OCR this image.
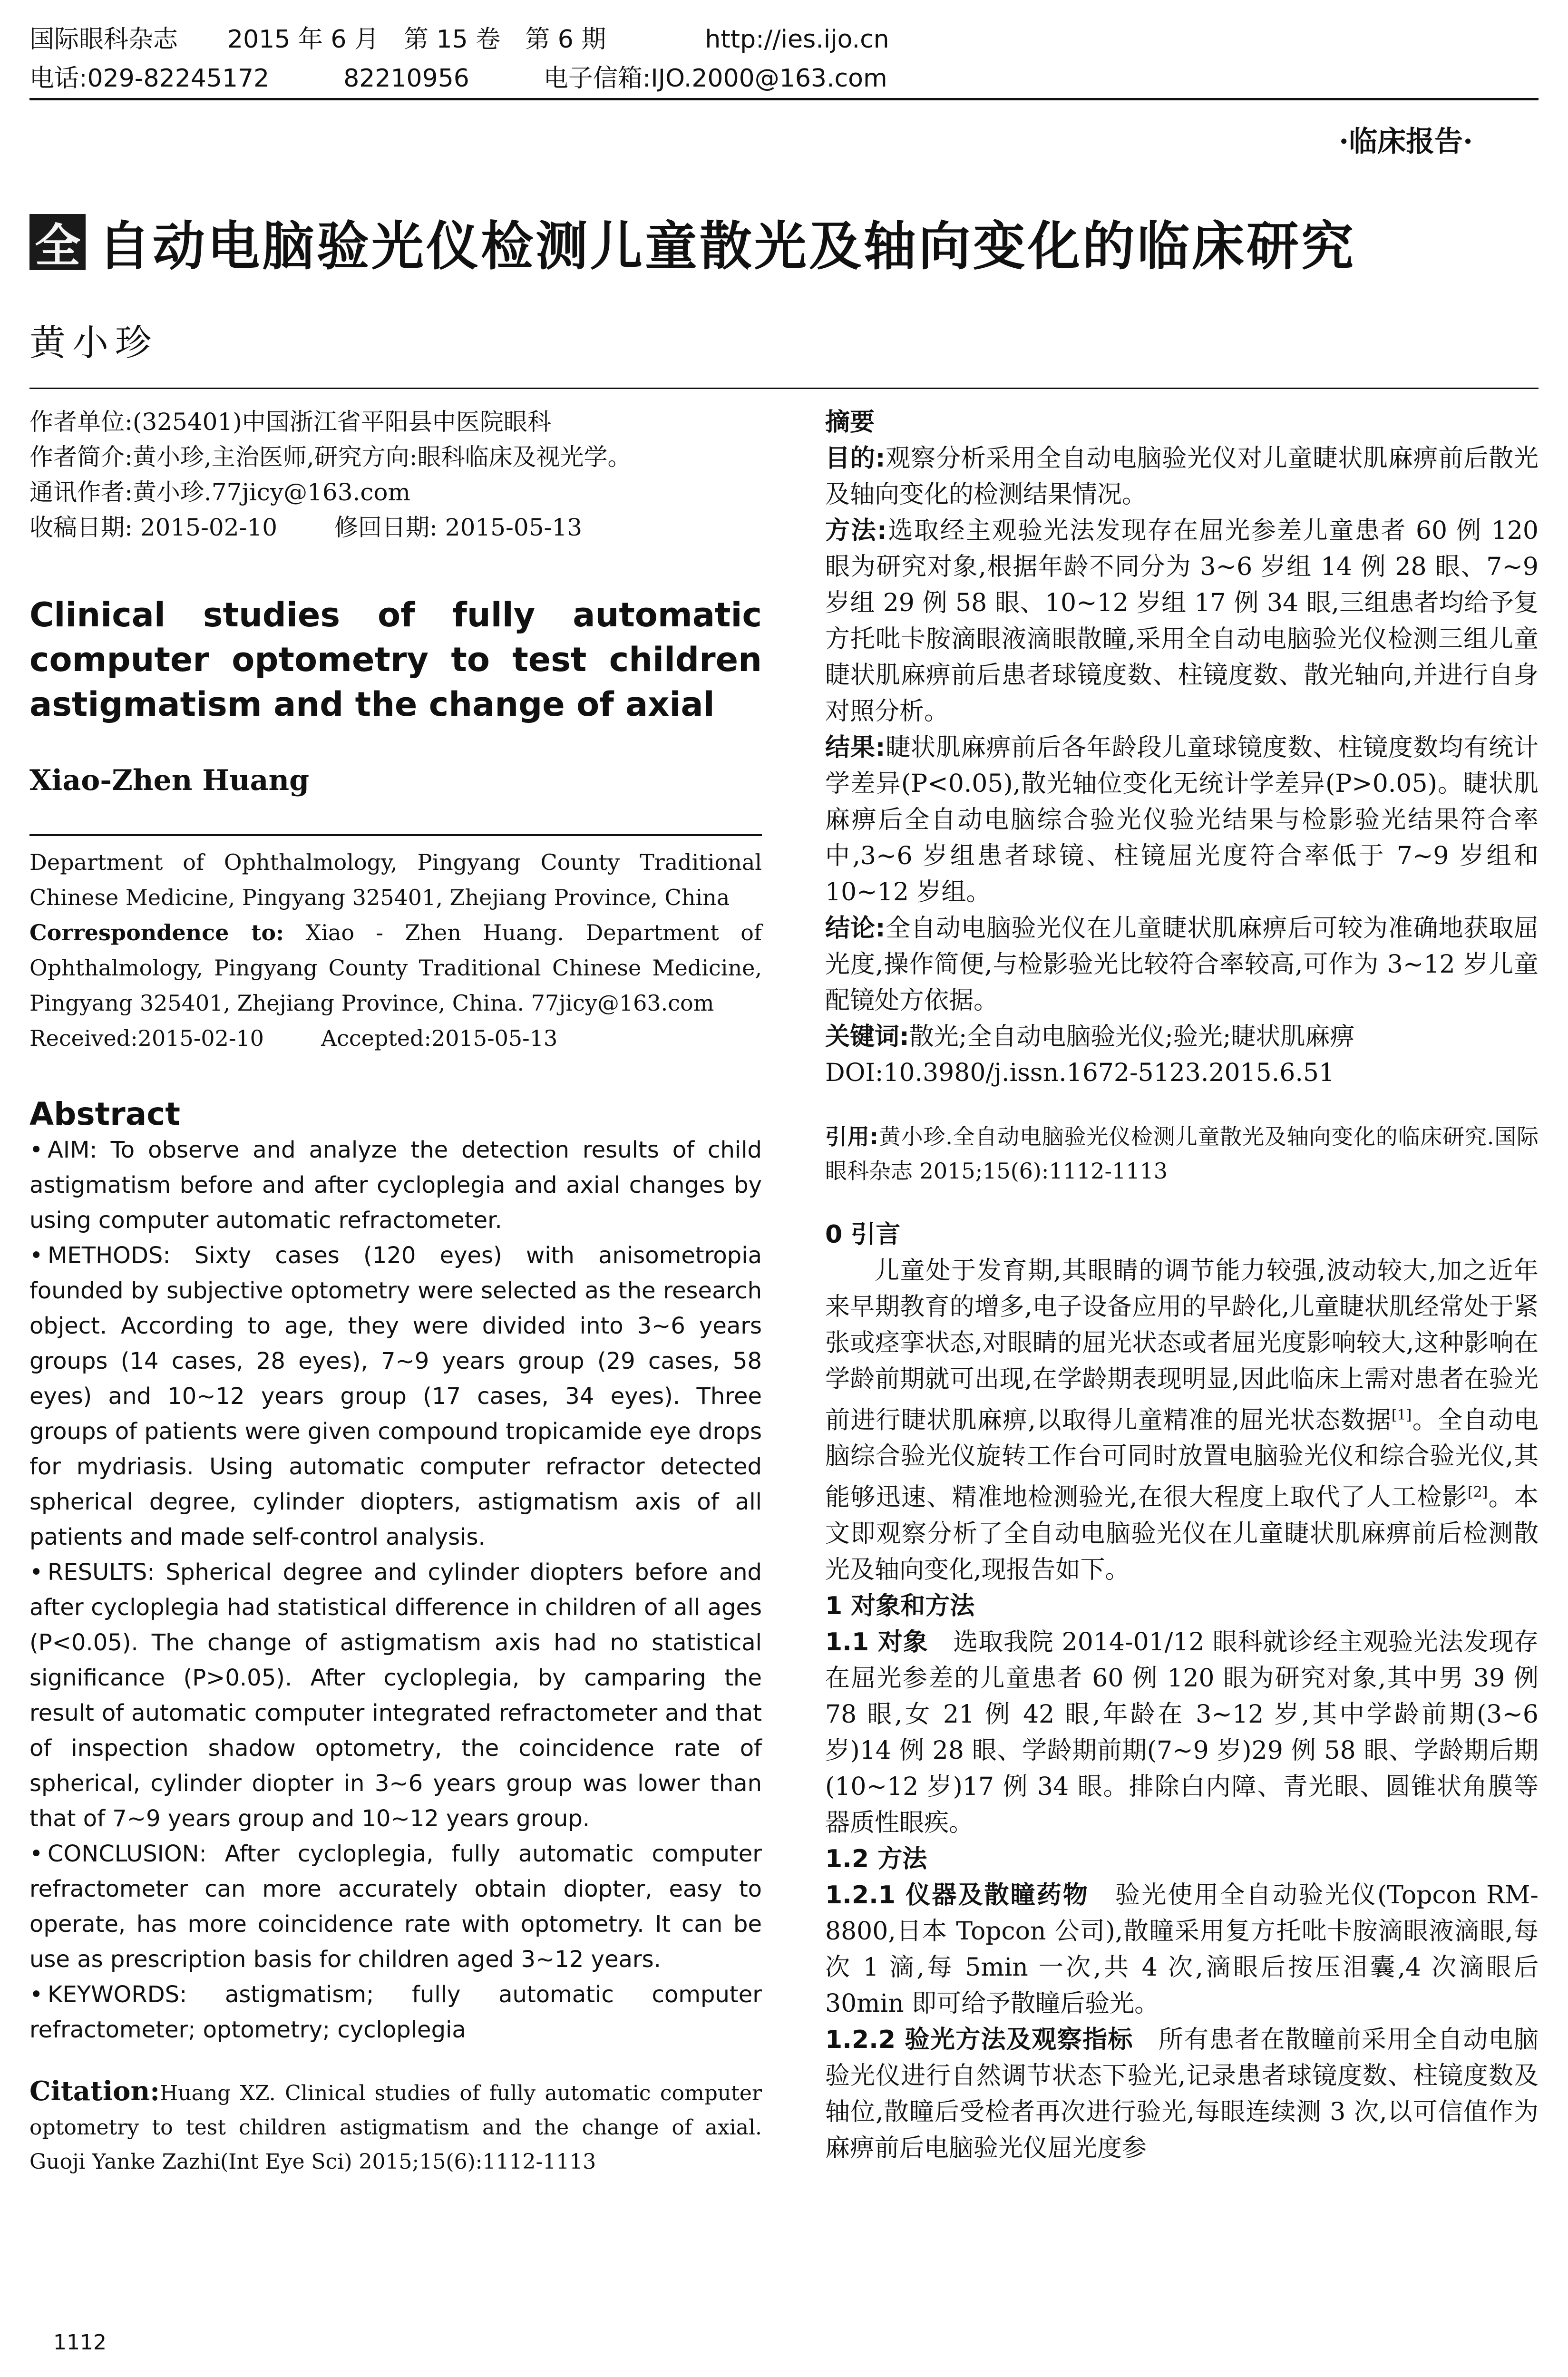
国际眼科杂志　　2015 年 6 月　第 15 卷　第 6 期　　　　http://ies.ijo.cn
电话:029-82245172　　　82210956　　　电子信箱:IJO.2000@163.com
·临床报告·
全 自动电脑验光仪检测儿童散光及轴向变化的临床研究
黄小珍
作者单位:(325401)中国浙江省平阳县中医院眼科
作者简介:黄小珍,主治医师,研究方向:眼科临床及视光学。
通讯作者:黄小珍.77jicy@163.com
收稿日期: 2015-02-10 修回日期: 2015-05-13
Clinical studies of fully automatic computer optometry to test children astigmatism and the change of axial
Xiao-Zhen Huang
Department of Ophthalmology, Pingyang County Traditional Chinese Medicine, Pingyang 325401, Zhejiang Province, China
Correspondence to: Xiao - Zhen Huang. Department of Ophthalmology, Pingyang County Traditional Chinese Medicine, Pingyang 325401, Zhejiang Province, China. 77jicy@163.com
Received:2015-02-10	Accepted:2015-05-13
Abstract

• AIM: To observe and analyze the detection results of child astigmatism before and after cycloplegia and axial changes by using computer automatic refractometer.

• METHODS: Sixty cases (120 eyes) with anisometropia founded by subjective optometry were selected as the research object. According to age, they were divided into 3~6 years groups (14 cases, 28 eyes), 7~9 years group (29 cases, 58 eyes) and 10~12 years group (17 cases, 34 eyes). Three groups of patients were given compound tropicamide eye drops for mydriasis. Using automatic computer refractor detected spherical degree, cylinder diopters, astigmatism axis of all patients and made self-control analysis.

• RESULTS: Spherical degree and cylinder diopters before and after cycloplegia had statistical difference in children of all ages (P<0.05). The change of astigmatism axis had no statistical significance (P>0.05). After cycloplegia, by camparing the result of automatic computer integrated refractometer and that of inspection shadow optometry, the coincidence rate of spherical, cylinder diopter in 3~6 years group was lower than that of 7~9 years group and 10~12 years group.

• CONCLUSION: After cycloplegia, fully automatic computer refractometer can more accurately obtain diopter, easy to operate, has more coincidence rate with optometry. It can be use as prescription basis for children aged 3~12 years.

• KEYWORDS: astigmatism; fully automatic computer refractometer; optometry; cycloplegia

Citation:Huang XZ. Clinical studies of fully automatic computer optometry to test children astigmatism and the change of axial. Guoji Yanke Zazhi(Int Eye Sci) 2015;15(6):1112-1113
摘要

目的:观察分析采用全自动电脑验光仪对儿童睫状肌麻痹前后散光及轴向变化的检测结果情况。

方法:选取经主观验光法发现存在屈光参差儿童患者 60 例 120 眼为研究对象,根据年龄不同分为 3~6 岁组 14 例 28 眼、7~9 岁组 29 例 58 眼、10~12 岁组 17 例 34 眼,三组患者均给予复方托吡卡胺滴眼液滴眼散瞳,采用全自动电脑验光仪检测三组儿童睫状肌麻痹前后患者球镜度数、柱镜度数、散光轴向,并进行自身对照分析。

结果:睫状肌麻痹前后各年龄段儿童球镜度数、柱镜度数均有统计学差异(P<0.05),散光轴位变化无统计学差异(P>0.05)。睫状肌麻痹后全自动电脑综合验光仪验光结果与检影验光结果符合率中,3~6 岁组患者球镜、柱镜屈光度符合率低于 7~9 岁组和 10~12 岁组。

结论:全自动电脑验光仪在儿童睫状肌麻痹后可较为准确地获取屈光度,操作简便,与检影验光比较符合率较高,可作为 3~12 岁儿童配镜处方依据。

关键词:散光;全自动电脑验光仪;验光;睫状肌麻痹

DOI:10.3980/j.issn.1672-5123.2015.6.51

引用:黄小珍.全自动电脑验光仪检测儿童散光及轴向变化的临床研究.国际眼科杂志 2015;15(6):1112-1113

0 引言

儿童处于发育期,其眼睛的调节能力较强,波动较大,加之近年来早期教育的增多,电子设备应用的早龄化,儿童睫状肌经常处于紧张或痉挛状态,对眼睛的屈光状态或者屈光度影响较大,这种影响在学龄前期就可出现,在学龄期表现明显,因此临床上需对患者在验光前进行睫状肌麻痹,以取得儿童精准的屈光状态数据[1]。全自动电脑综合验光仪旋转工作台可同时放置电脑验光仪和综合验光仪,其能够迅速、精准地检测验光,在很大程度上取代了人工检影[2]。本文即观察分析了全自动电脑验光仪在儿童睫状肌麻痹前后检测散光及轴向变化,现报告如下。

1 对象和方法

1.1 对象　选取我院 2014-01/12 眼科就诊经主观验光法发现存在屈光参差的儿童患者 60 例 120 眼为研究对象,其中男 39 例 78 眼,女 21 例 42 眼,年龄在 3~12 岁,其中学龄前期(3~6 岁)14 例 28 眼、学龄期前期(7~9 岁)29 例 58 眼、学龄期后期(10~12 岁)17 例 34 眼。排除白内障、青光眼、圆锥状角膜等器质性眼疾。

1.2 方法

1.2.1 仪器及散瞳药物　验光使用全自动验光仪(Topcon RM-8800,日本 Topcon 公司),散瞳采用复方托吡卡胺滴眼液滴眼,每次 1 滴,每 5min 一次,共 4 次,滴眼后按压泪囊,4 次滴眼后 30min 即可给予散瞳后验光。

1.2.2 验光方法及观察指标　所有患者在散瞳前采用全自动电脑验光仪进行自然调节状态下验光,记录患者球镜度数、柱镜度数及轴位,散瞳后受检者再次进行验光,每眼连续测 3 次,以可信值作为麻痹前后电脑验光仪屈光度参

1112
